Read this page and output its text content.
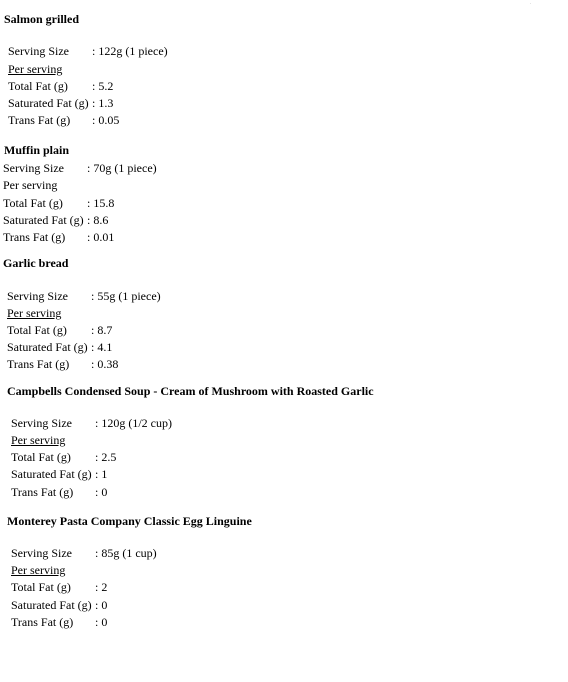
Salmon grilled
Serving Size : 122g (1 piece)
Per serving
Total Fat (g) : 5.2
Saturated Fat (g) : 1.3
Trans Fat (g) : 0.05
Muffin plain
Serving Size : 70g (1 piece)
Per serving
Total Fat (g) : 15.8
Saturated Fat (g) : 8.6
Trans Fat (g) : 0.01
Garlic bread
Serving Size : 55g (1 piece)
Per serving
Total Fat (g) : 8.7
Saturated Fat (g) : 4.1
Trans Fat (g) : 0.38
Campbells Condensed Soup - Cream of Mushroom with Roasted Garlic
Serving Size : 120g (1/2 cup)
Per serving
Total Fat (g) : 2.5
Saturated Fat (g) : 1
Trans Fat (g) : 0
Monterey Pasta Company Classic Egg Linguine
Serving Size : 85g (1 cup)
Per serving
Total Fat (g) : 2
Saturated Fat (g) : 0
Trans Fat (g) : 0
